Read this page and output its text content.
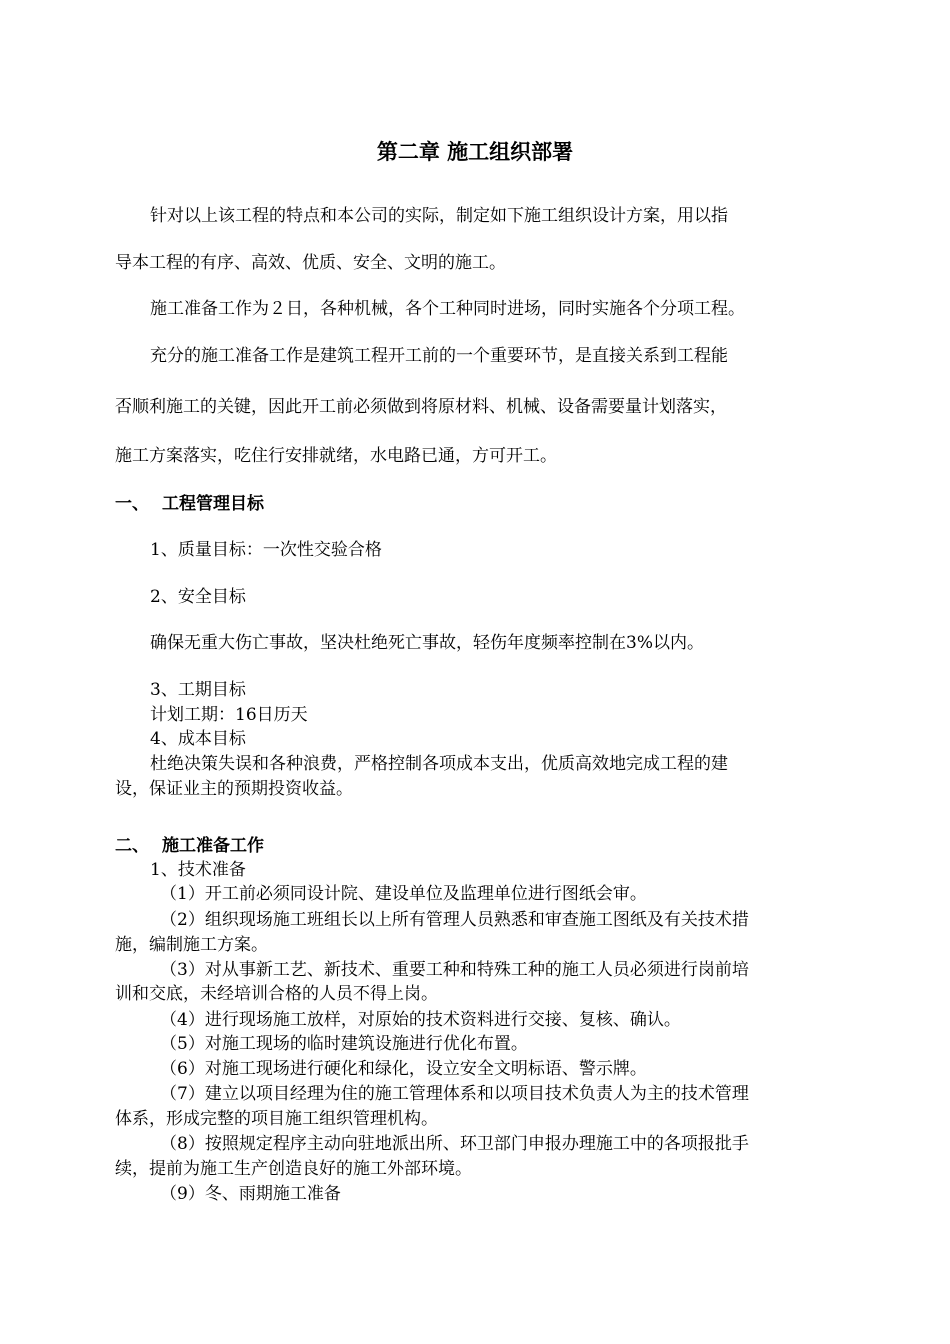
第二章 施工组织部署
针对以上该工程的特点和本公司的实际，制定如下施工组织设计方案，用以指
导本工程的有序、高效、优质、安全、文明的施工。
施工准备工作为２日，各种机械，各个工种同时进场，同时实施各个分项工程。
充分的施工准备工作是建筑工程开工前的一个重要环节，是直接关系到工程能
否顺利施工的关键，因此开工前必须做到将原材料、机械、设备需要量计划落实，
施工方案落实，吃住行安排就绪，水电路已通，方可开工。
一、 工程管理目标
1、质量目标：一次性交验合格
2、安全目标
确保无重大伤亡事故，坚决杜绝死亡事故，轻伤年度频率控制在3%以内。
3、工期目标
计划工期：16日历天
4、成本目标
杜绝决策失误和各种浪费，严格控制各项成本支出，优质高效地完成工程的建
设，保证业主的预期投资收益。
二、 施工准备工作
1、技术准备
（1）开工前必须同设计院、建设单位及监理单位进行图纸会审。
（2）组织现场施工班组长以上所有管理人员熟悉和审查施工图纸及有关技术措
施，编制施工方案。
（3）对从事新工艺、新技术、重要工种和特殊工种的施工人员必须进行岗前培
训和交底，未经培训合格的人员不得上岗。
（4）进行现场施工放样，对原始的技术资料进行交接、复核、确认。
（5）对施工现场的临时建筑设施进行优化布置。
（6）对施工现场进行硬化和绿化，设立安全文明标语、警示牌。
（7）建立以项目经理为住的施工管理体系和以项目技术负责人为主的技术管理
体系，形成完整的项目施工组织管理机构。
（8）按照规定程序主动向驻地派出所、环卫部门申报办理施工中的各项报批手
续，提前为施工生产创造良好的施工外部环境。
（9）冬、雨期施工准备
